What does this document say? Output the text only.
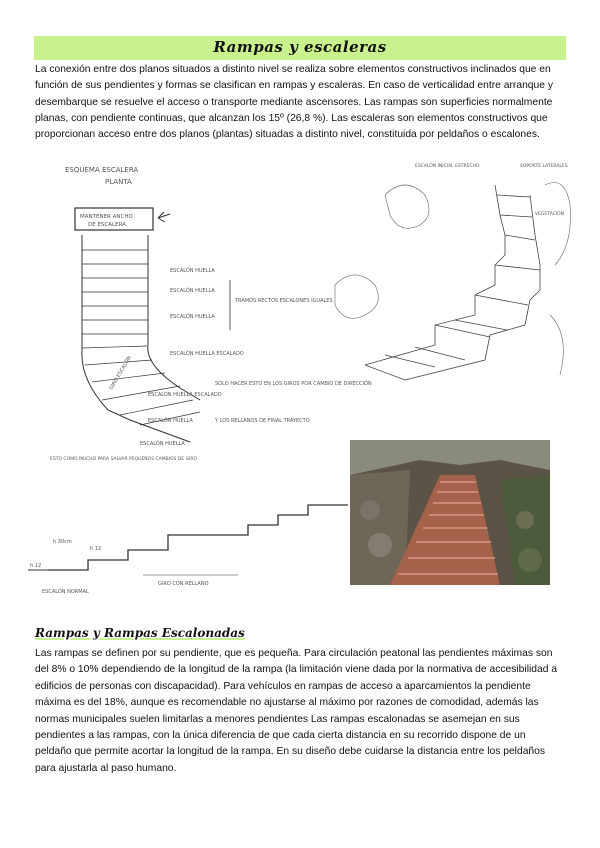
Rampas y escaleras

La conexión entre dos planos situados a distinto nivel se realiza sobre elementos constructivos inclinados que en función de sus pendientes y formas se clasifican en rampas y escaleras. En caso de verticalidad entre arranque y desembarque se resuelve el acceso o transporte mediante ascensores. Las rampas son superficies normalmente planas, con pendiente continuas, que alcanzan los 15º (26,8 %). Las escaleras son elementos constructivos que proporcionan acceso entre dos planos (plantas) situadas a distinto nivel, constituida por peldaños o escalones.

ESQUEMA ESCALERA
PLANTA
MANTENER ANCHO
DE ESCALERA
ESCALÓN HUELLA
ESCALÓN HUELLA
ESCALÓN HUELLA
ESCALÓN HUELLA ESCALADO
GIRO ESCALÓN
ESCALÓN HUELLA ESCALADO
ESCALÓN HUELLA
ESCALÓN HUELLA
TRAMOS RECTOS ESCALONES IGUALES
SOLO HACER ESTO EN LOS GIROS POR CAMBIO DE DIRECCIÓN
Y LOS RELLANOS DE FINAL TRAYECTO
ESTO COMO MUCHO PARA SALVAR PEQUEÑOS CAMBIOS DE GIRO
ESCALÓN INICIAL ESTRECHO	SOPORTE LATERALES
VEGETACIÓN
h 30cm
h 12
h 12
ESCALÓN NORMAL
GIRO CON RELLANO
Rampas y Rampas Escalonadas

Las rampas se definen por su pendiente, que es pequeña. Para circulación peatonal las pendientes máximas son del 8% o 10% dependiendo de la longitud de la rampa (la limitación viene dada por la normativa de accesibilidad a edificios de personas con discapacidad). Para vehículos en rampas de acceso a aparcamientos la pendiente máxima es del 18%, aunque es recomendable no ajustarse al máximo por razones de comodidad, además las normas municipales suelen limitarlas a menores pendientes Las rampas escalonadas se asemejan en sus pendientes a las rampas, con la única diferencia de que cada cierta distancia en su recorrido dispone de un peldaño que permite acortar la longitud de la rampa. En su diseño debe cuidarse la distancia entre los peldaños para ajustarla al paso humano.
